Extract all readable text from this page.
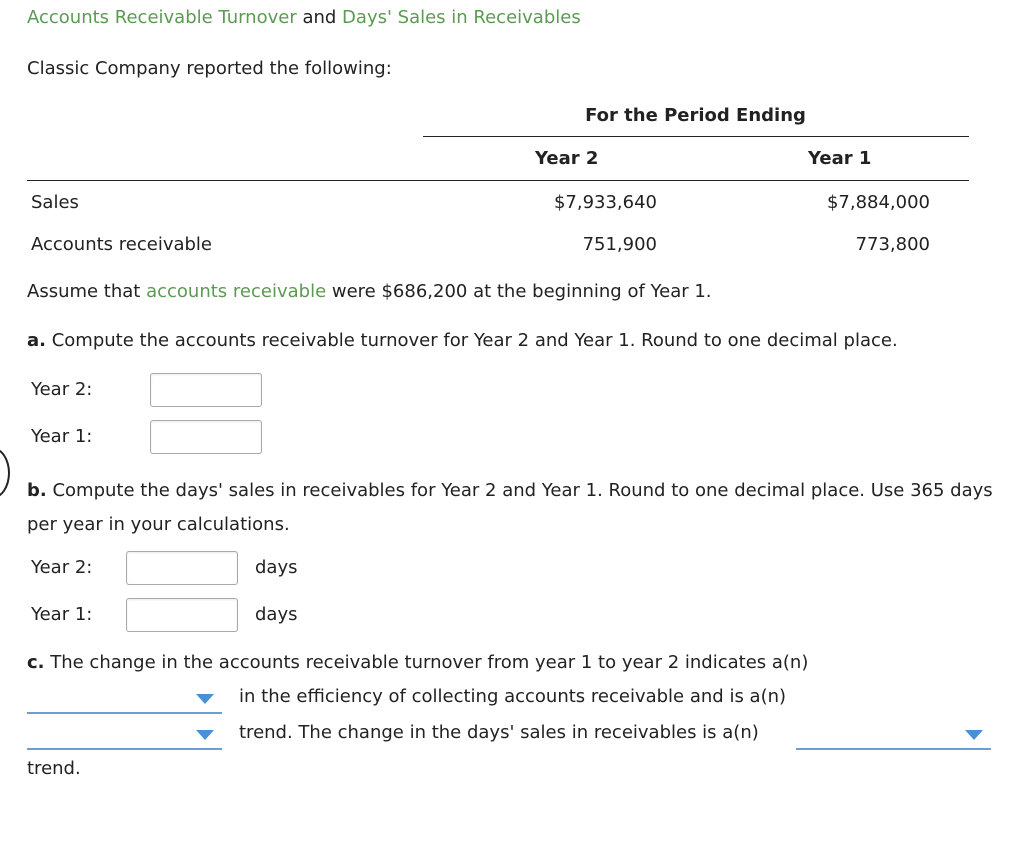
Accounts Receivable Turnover and Days' Sales in Receivables
Classic Company reported the following:
For the Period Ending
Year 2	Year 1
Sales	$7,933,640	$7,884,000
Accounts receivable	751,900	773,800
Assume that accounts receivable were $686,200 at the beginning of Year 1.
a. Compute the accounts receivable turnover for Year 2 and Year 1. Round to one decimal place.
Year 2:
Year 1:
b. Compute the days' sales in receivables for Year 2 and Year 1. Round to one decimal place. Use 365 days per year in your calculations.
Year 2:	days
Year 1:	days
c. The change in the accounts receivable turnover from year 1 to year 2 indicates a(n)
in the efficiency of collecting accounts receivable and is a(n)
trend. The change in the days' sales in receivables is a(n)
trend.
